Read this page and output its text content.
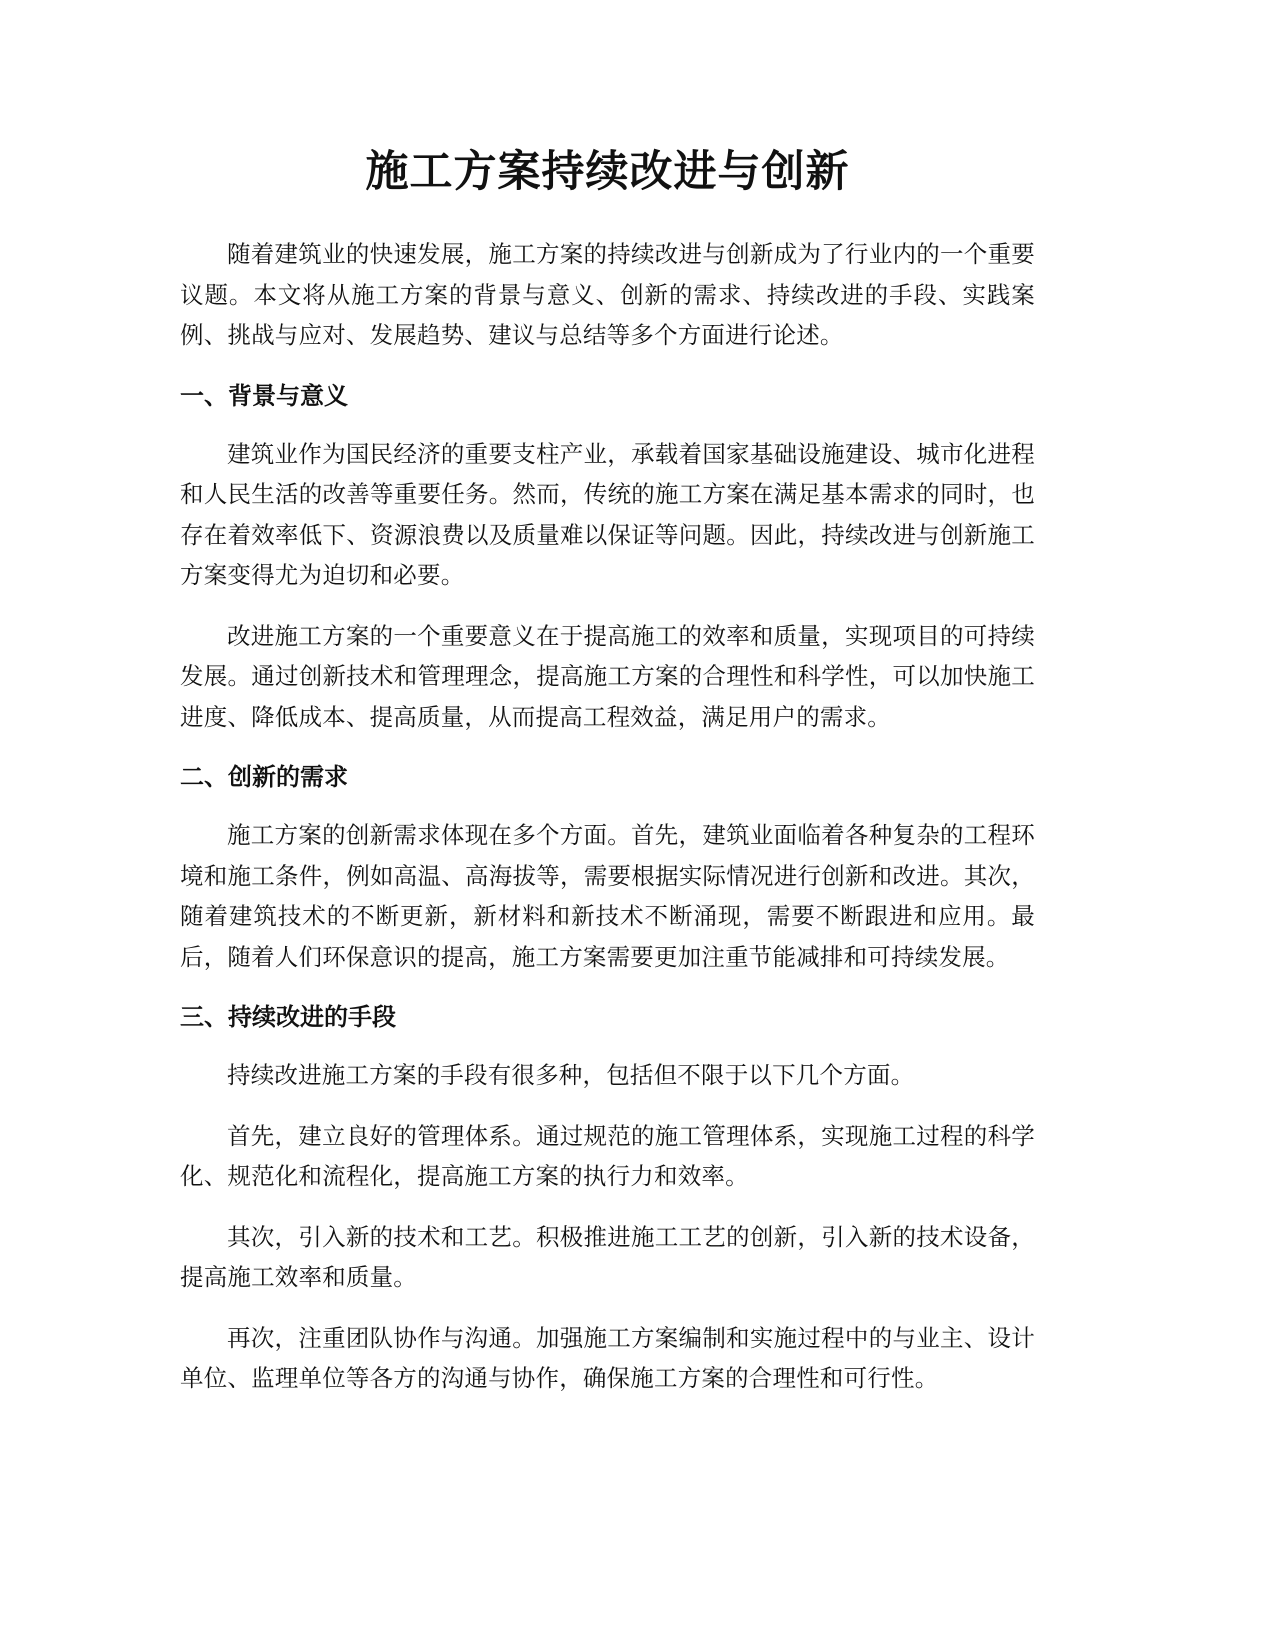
施工方案持续改进与创新

随着建筑业的快速发展，施工方案的持续改进与创新成为了行业内的一个重要议题。本文将从施工方案的背景与意义、创新的需求、持续改进的手段、实践案例、挑战与应对、发展趋势、建议与总结等多个方面进行论述。

一、背景与意义

建筑业作为国民经济的重要支柱产业，承载着国家基础设施建设、城市化进程和人民生活的改善等重要任务。然而，传统的施工方案在满足基本需求的同时，也存在着效率低下、资源浪费以及质量难以保证等问题。因此，持续改进与创新施工方案变得尤为迫切和必要。

改进施工方案的一个重要意义在于提高施工的效率和质量，实现项目的可持续发展。通过创新技术和管理理念，提高施工方案的合理性和科学性，可以加快施工进度、降低成本、提高质量，从而提高工程效益，满足用户的需求。

二、创新的需求

施工方案的创新需求体现在多个方面。首先，建筑业面临着各种复杂的工程环境和施工条件，例如高温、高海拔等，需要根据实际情况进行创新和改进。其次，随着建筑技术的不断更新，新材料和新技术不断涌现，需要不断跟进和应用。最后，随着人们环保意识的提高，施工方案需要更加注重节能减排和可持续发展。

三、持续改进的手段

持续改进施工方案的手段有很多种，包括但不限于以下几个方面。

首先，建立良好的管理体系。通过规范的施工管理体系，实现施工过程的科学化、规范化和流程化，提高施工方案的执行力和效率。

其次，引入新的技术和工艺。积极推进施工工艺的创新，引入新的技术设备，提高施工效率和质量。

再次，注重团队协作与沟通。加强施工方案编制和实施过程中的与业主、设计单位、监理单位等各方的沟通与协作，确保施工方案的合理性和可行性。
